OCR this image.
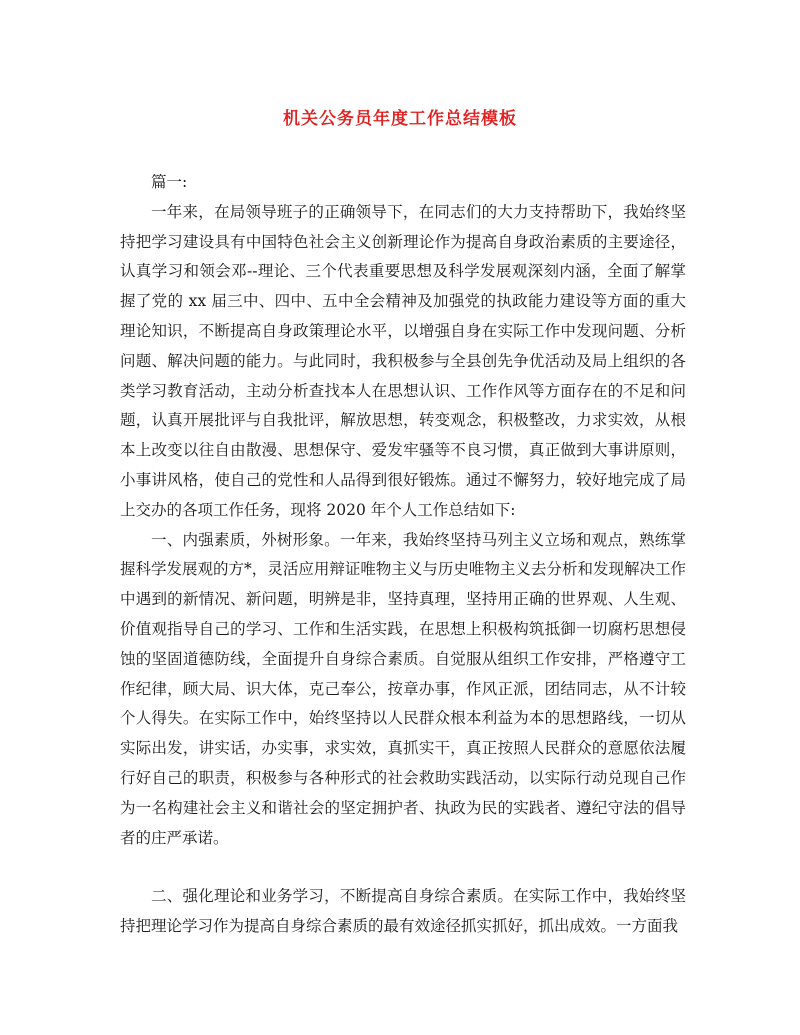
机关公务员年度工作总结模板

篇一:

一年来，在局领导班子的正确领导下，在同志们的大力支持帮助下，我始终坚持把学习建设具有中国特色社会主义创新理论作为提高自身政治素质的主要途径，认真学习和领会邓--理论、三个代表重要思想及科学发展观深刻内涵，全面了解掌握了党的 xx 届三中、四中、五中全会精神及加强党的执政能力建设等方面的重大理论知识，不断提高自身政策理论水平，以增强自身在实际工作中发现问题、分析问题、解决问题的能力。与此同时，我积极参与全县创先争优活动及局上组织的各类学习教育活动，主动分析查找本人在思想认识、工作作风等方面存在的不足和问题，认真开展批评与自我批评，解放思想，转变观念，积极整改，力求实效，从根本上改变以往自由散漫、思想保守、爱发牢骚等不良习惯，真正做到大事讲原则，小事讲风格，使自己的党性和人品得到很好锻炼。通过不懈努力，较好地完成了局上交办的各项工作任务，现将 2020 年个人工作总结如下:

一、内强素质，外树形象。一年来，我始终坚持马列主义立场和观点，熟练掌握科学发展观的方*，灵活应用辩证唯物主义与历史唯物主义去分析和发现解决工作中遇到的新情况、新问题，明辨是非，坚持真理，坚持用正确的世界观、人生观、价值观指导自己的学习、工作和生活实践，在思想上积极构筑抵御一切腐朽思想侵蚀的坚固道德防线，全面提升自身综合素质。自觉服从组织工作安排，严格遵守工作纪律，顾大局、识大体，克己奉公，按章办事，作风正派，团结同志，从不计较个人得失。在实际工作中，始终坚持以人民群众根本利益为本的思想路线，一切从实际出发，讲实话，办实事，求实效，真抓实干，真正按照人民群众的意愿依法履行好自己的职责，积极参与各种形式的社会救助实践活动，以实际行动兑现自己作为一名构建社会主义和谐社会的坚定拥护者、执政为民的实践者、遵纪守法的倡导者的庄严承诺。

二、强化理论和业务学习，不断提高自身综合素质。在实际工作中，我始终坚持把理论学习作为提高自身综合素质的最有效途径抓实抓好，抓出成效。一方面我
